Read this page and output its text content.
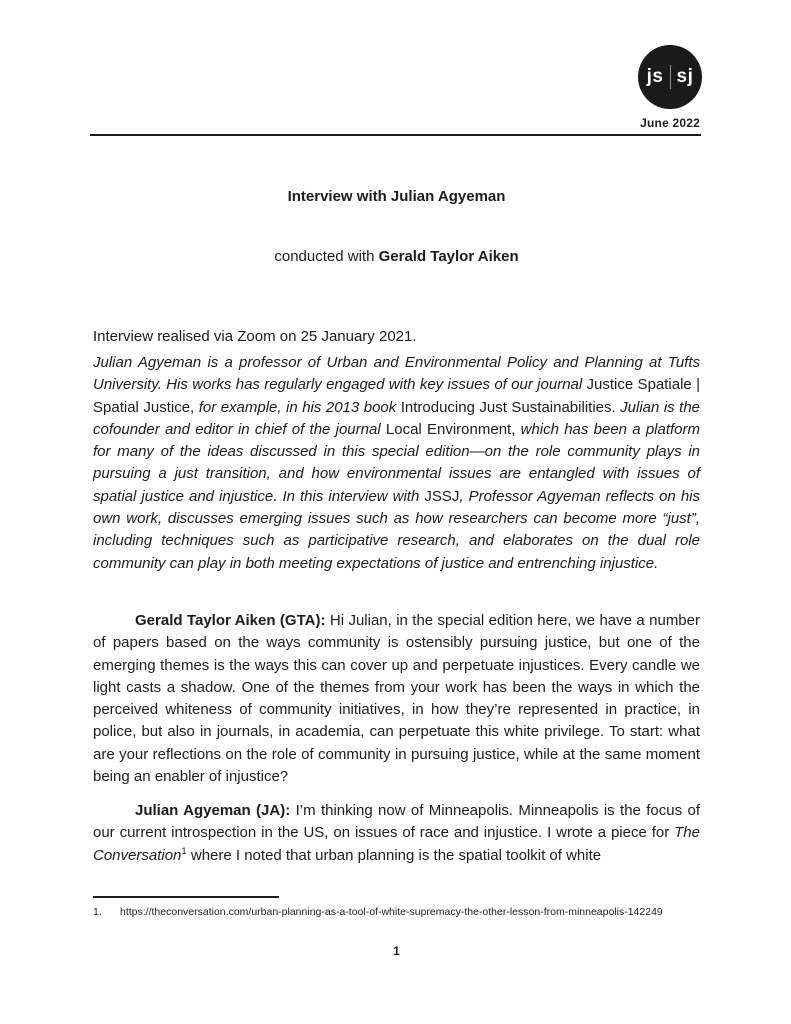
js sj
June 2022
Interview with Julian Agyeman
conducted with Gerald Taylor Aiken
Interview realised via Zoom on 25 January 2021.
Julian Agyeman is a professor of Urban and Environmental Policy and Planning at Tufts University. His works has regularly engaged with key issues of our journal Justice Spatiale | Spatial Justice, for example, in his 2013 book Introducing Just Sustainabilities. Julian is the cofounder and editor in chief of the journal Local Environment, which has been a platform for many of the ideas discussed in this special edition—on the role community plays in pursuing a just transition, and how environmental issues are entangled with issues of spatial justice and injustice. In this interview with JSSJ, Professor Agyeman reflects on his own work, discusses emerging issues such as how researchers can become more “just”, including techniques such as participative research, and elaborates on the dual role community can play in both meeting expectations of justice and entrenching injustice.
Gerald Taylor Aiken (GTA): Hi Julian, in the special edition here, we have a number of papers based on the ways community is ostensibly pursuing justice, but one of the emerging themes is the ways this can cover up and perpetuate injustices. Every candle we light casts a shadow. One of the themes from your work has been the ways in which the perceived whiteness of community initiatives, in how they’re represented in practice, in police, but also in journals, in academia, can perpetuate this white privilege. To start: what are your reflections on the role of community in pursuing justice, while at the same moment being an enabler of injustice?
Julian Agyeman (JA): I’m thinking now of Minneapolis. Minneapolis is the focus of our current introspection in the US, on issues of race and injustice. I wrote a piece for The Conversation$^1$ where I noted that urban planning is the spatial toolkit of white
1. https://theconversation.com/urban-planning-as-a-tool-of-white-supremacy-the-other-lesson-from-minneapolis-142249
1
